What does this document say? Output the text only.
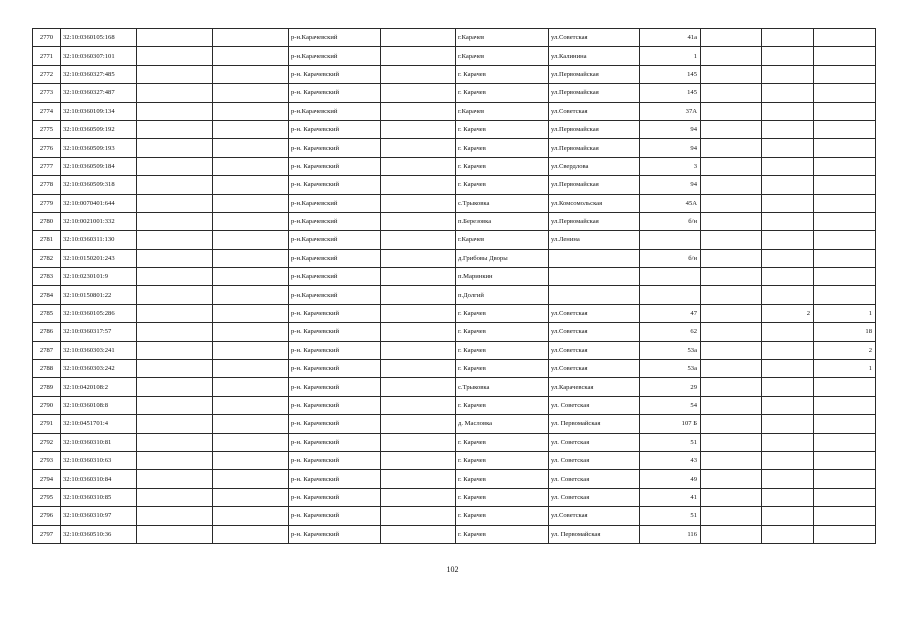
2770	32:10:0360105:168			р-н.Карачевский		г.Карачев	ул.Советская	41а			
2771	32:10:0360307:101			р-н.Карачевский		г.Карачев	ул.Калинина	1			
2772	32:10:0360327:485			р-н. Карачевский		г. Карачев	ул.Первомайская	145			
2773	32:10:0360327:487			р-н. Карачевский		г. Карачев	ул.Первомайская	145			
2774	32:10:0360109:134			р-н.Карачевский		г.Карачев	ул.Советская	37А			
2775	32:10:0360509:192			р-н. Карачевский		г. Карачев	ул.Первомайская	94			
2776	32:10:0360509:193			р-н. Карачевский		г. Карачев	ул.Первомайская	94			
2777	32:10:0360509:184			р-н. Карачевский		г. Карачев	ул.Свердлова	3			
2778	32:10:0360509:318			р-н. Карачевский		г. Карачев	ул.Первомайская	94			
2779	32:10:0070401:644			р-н.Карачевский		с.Трыковка	ул.Комсомольская	45А			
2780	32:10:0021001:332			р-н.Карачевский		п.Березовка	ул.Первомайская	б/н			
2781	32:10:0360311:130			р-н.Карачевский		г.Карачев	ул.Ленина				
2782	32:10:0150201:243			р-н.Карачевский		д.Грибовы Дворы		б/н			
2783	32:10:0230101:9			р-н.Карачевский		п.Маринкин					
2784	32:10:0150801:22			р-н.Карачевский		п.Долгий					
2785	32:10:0360105:286			р-н. Карачевский		г. Карачев	ул.Советская	47		2	1
2786	32:10:0360317:57			р-н. Карачевский		г. Карачев	ул.Советская	62			18
2787	32:10:0360303:241			р-н. Карачевский		г. Карачев	ул.Советская	53а			2
2788	32:10:0360303:242			р-н. Карачевский		г. Карачев	ул.Советская	53а			1
2789	32:10:0420108:2			р-н. Карачевский		с.Трыковка	ул.Карачевская	29			
2790	32:10:0360108:8			р-н. Карачевский		г. Карачев	ул. Советская	54			
2791	32:10:0451701:4			р-н. Карачевский		д. Масловка	ул. Первомайская	107 Б			
2792	32:10:0360310:81			р-н. Карачевский		г. Карачев	ул. Советская	51			
2793	32:10:0360310:63			р-н. Карачевский		г. Карачев	ул. Советская	43			
2794	32:10:0360310:84			р-н. Карачевский		г. Карачев	ул. Советская	49			
2795	32:10:0360310:85			р-н. Карачевский		г. Карачев	ул. Советская	41			
2796	32:10:0360310:97			р-н. Карачевский		г. Карачев	ул.Советская	51			
2797	32:10:0360510:36			р-н. Карачевский		г. Карачев	ул. Первомайская	116			
102
